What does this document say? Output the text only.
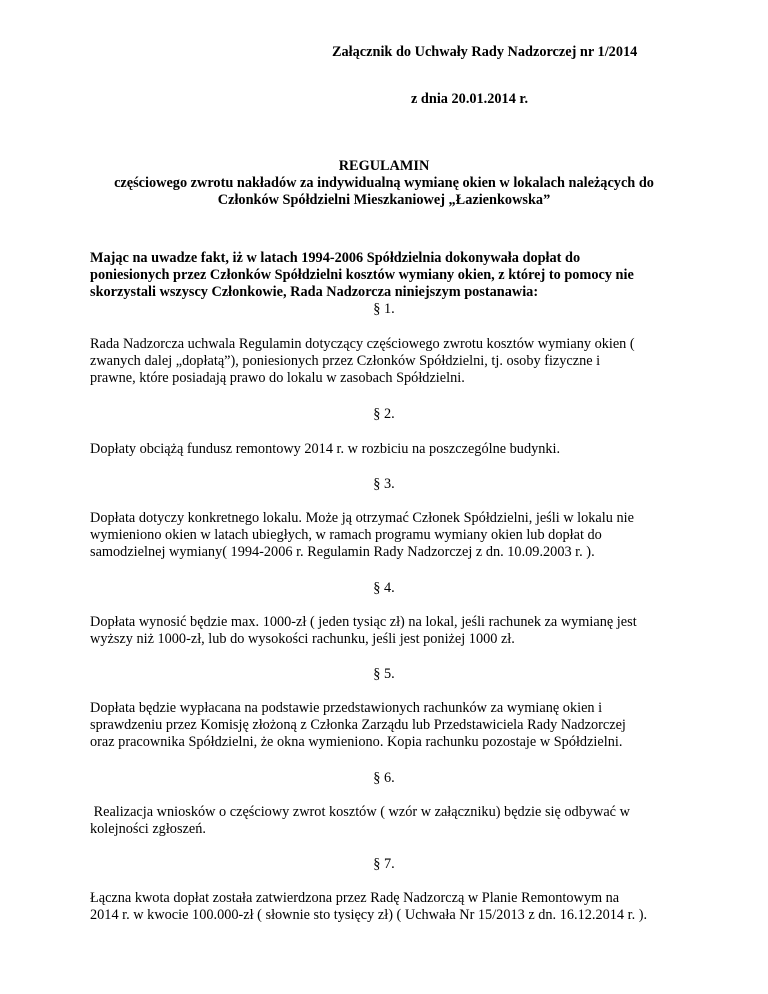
Załącznik do Uchwały Rady Nadzorczej nr 1/2014
z dnia 20.01.2014 r.
REGULAMIN
częściowego zwrotu nakładów za indywidualną wymianę okien w lokalach należących do
Członków Spółdzielni Mieszkaniowej „Łazienkowska”
Mając na uwadze fakt, iż w latach 1994-2006 Spółdzielnia dokonywała dopłat do
poniesionych przez Członków Spółdzielni kosztów wymiany okien, z której to pomocy nie
skorzystali wszyscy Członkowie, Rada Nadzorcza niniejszym postanawia:
§ 1.
Rada Nadzorcza uchwala Regulamin dotyczący częściowego zwrotu kosztów wymiany okien (
zwanych dalej „dopłatą”), poniesionych przez Członków Spółdzielni, tj. osoby fizyczne i
prawne, które posiadają prawo do lokalu w zasobach Spółdzielni.
§ 2.
Dopłaty obciążą fundusz remontowy 2014 r. w rozbiciu na poszczególne budynki.
§ 3.
Dopłata dotyczy konkretnego lokalu. Może ją otrzymać Członek Spółdzielni, jeśli w lokalu nie
wymieniono okien w latach ubiegłych, w ramach programu wymiany okien lub dopłat do
samodzielnej wymiany( 1994-2006 r. Regulamin Rady Nadzorczej z dn. 10.09.2003 r. ).
§ 4.
Dopłata wynosić będzie max. 1000-zł ( jeden tysiąc zł) na lokal, jeśli rachunek za wymianę jest
wyższy niż 1000-zł, lub do wysokości rachunku, jeśli jest poniżej 1000 zł.
§ 5.
Dopłata będzie wypłacana na podstawie przedstawionych rachunków za wymianę okien i
sprawdzeniu przez Komisję złożoną z Członka Zarządu lub Przedstawiciela Rady Nadzorczej
oraz pracownika Spółdzielni, że okna wymieniono. Kopia rachunku pozostaje w Spółdzielni.
§ 6.
Realizacja wniosków o częściowy zwrot kosztów ( wzór w załączniku) będzie się odbywać w
kolejności zgłoszeń.
§ 7.
Łączna kwota dopłat została zatwierdzona przez Radę Nadzorczą w Planie Remontowym na
2014 r. w kwocie 100.000-zł ( słownie sto tysięcy zł) ( Uchwała Nr 15/2013 z dn. 16.12.2014 r. ).
